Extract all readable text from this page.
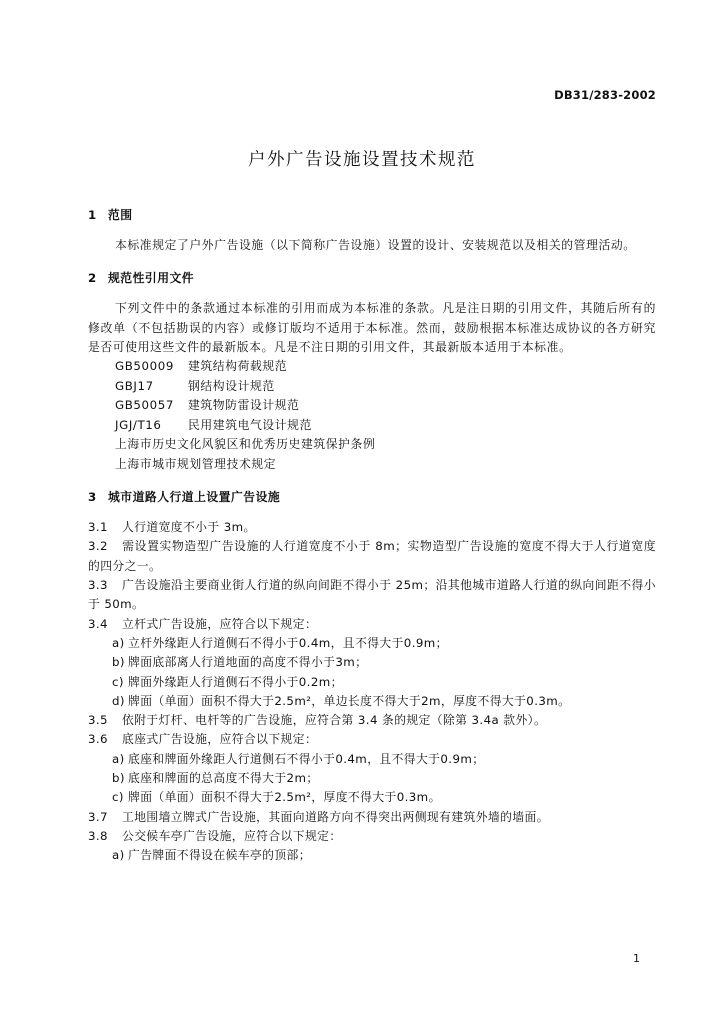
DB31/283-2002
户外广告设施设置技术规范
1 范围
本标准规定了户外广告设施（以下简称广告设施）设置的设计、安装规范以及相关的管理活动。
2 规范性引用文件
下列文件中的条款通过本标准的引用而成为本标准的条款。凡是注日期的引用文件，其随后所有的修改单（不包括勘误的内容）或修订版均不适用于本标准。然而，鼓励根据本标准达成协议的各方研究是否可使用这些文件的最新版本。凡是不注日期的引用文件，其最新版本适用于本标准。
GB50009 建筑结构荷载规范
GBJ17	钢结构设计规范
GB50057 建筑物防雷设计规范
JGJ/T16 民用建筑电气设计规范
上海市历史文化风貌区和优秀历史建筑保护条例
上海市城市规划管理技术规定
3 城市道路人行道上设置广告设施
3.1 人行道宽度不小于 3m。
3.2 需设置实物造型广告设施的人行道宽度不小于 8m；实物造型广告设施的宽度不得大于人行道宽度的四分之一。
3.3 广告设施沿主要商业街人行道的纵向间距不得小于 25m；沿其他城市道路人行道的纵向间距不得小于 50m。
3.4 立杆式广告设施，应符合以下规定：
a) 立杆外缘距人行道侧石不得小于0.4m，且不得大于0.9m；
b) 牌面底部离人行道地面的高度不得小于3m；
c) 牌面外缘距人行道侧石不得小于0.2m；
d) 牌面（单面）面积不得大于2.5m²，单边长度不得大于2m，厚度不得大于0.3m。
3.5 依附于灯杆、电杆等的广告设施，应符合第 3.4 条的规定（除第 3.4a 款外）。
3.6 底座式广告设施，应符合以下规定：
a) 底座和牌面外缘距人行道侧石不得小于0.4m，且不得大于0.9m；
b) 底座和牌面的总高度不得大于2m；
c) 牌面（单面）面积不得大于2.5m²，厚度不得大于0.3m。
3.7 工地围墙立牌式广告设施，其面向道路方向不得突出两侧现有建筑外墙的墙面。
3.8 公交候车亭广告设施，应符合以下规定：
a) 广告牌面不得设在候车亭的顶部；
1
